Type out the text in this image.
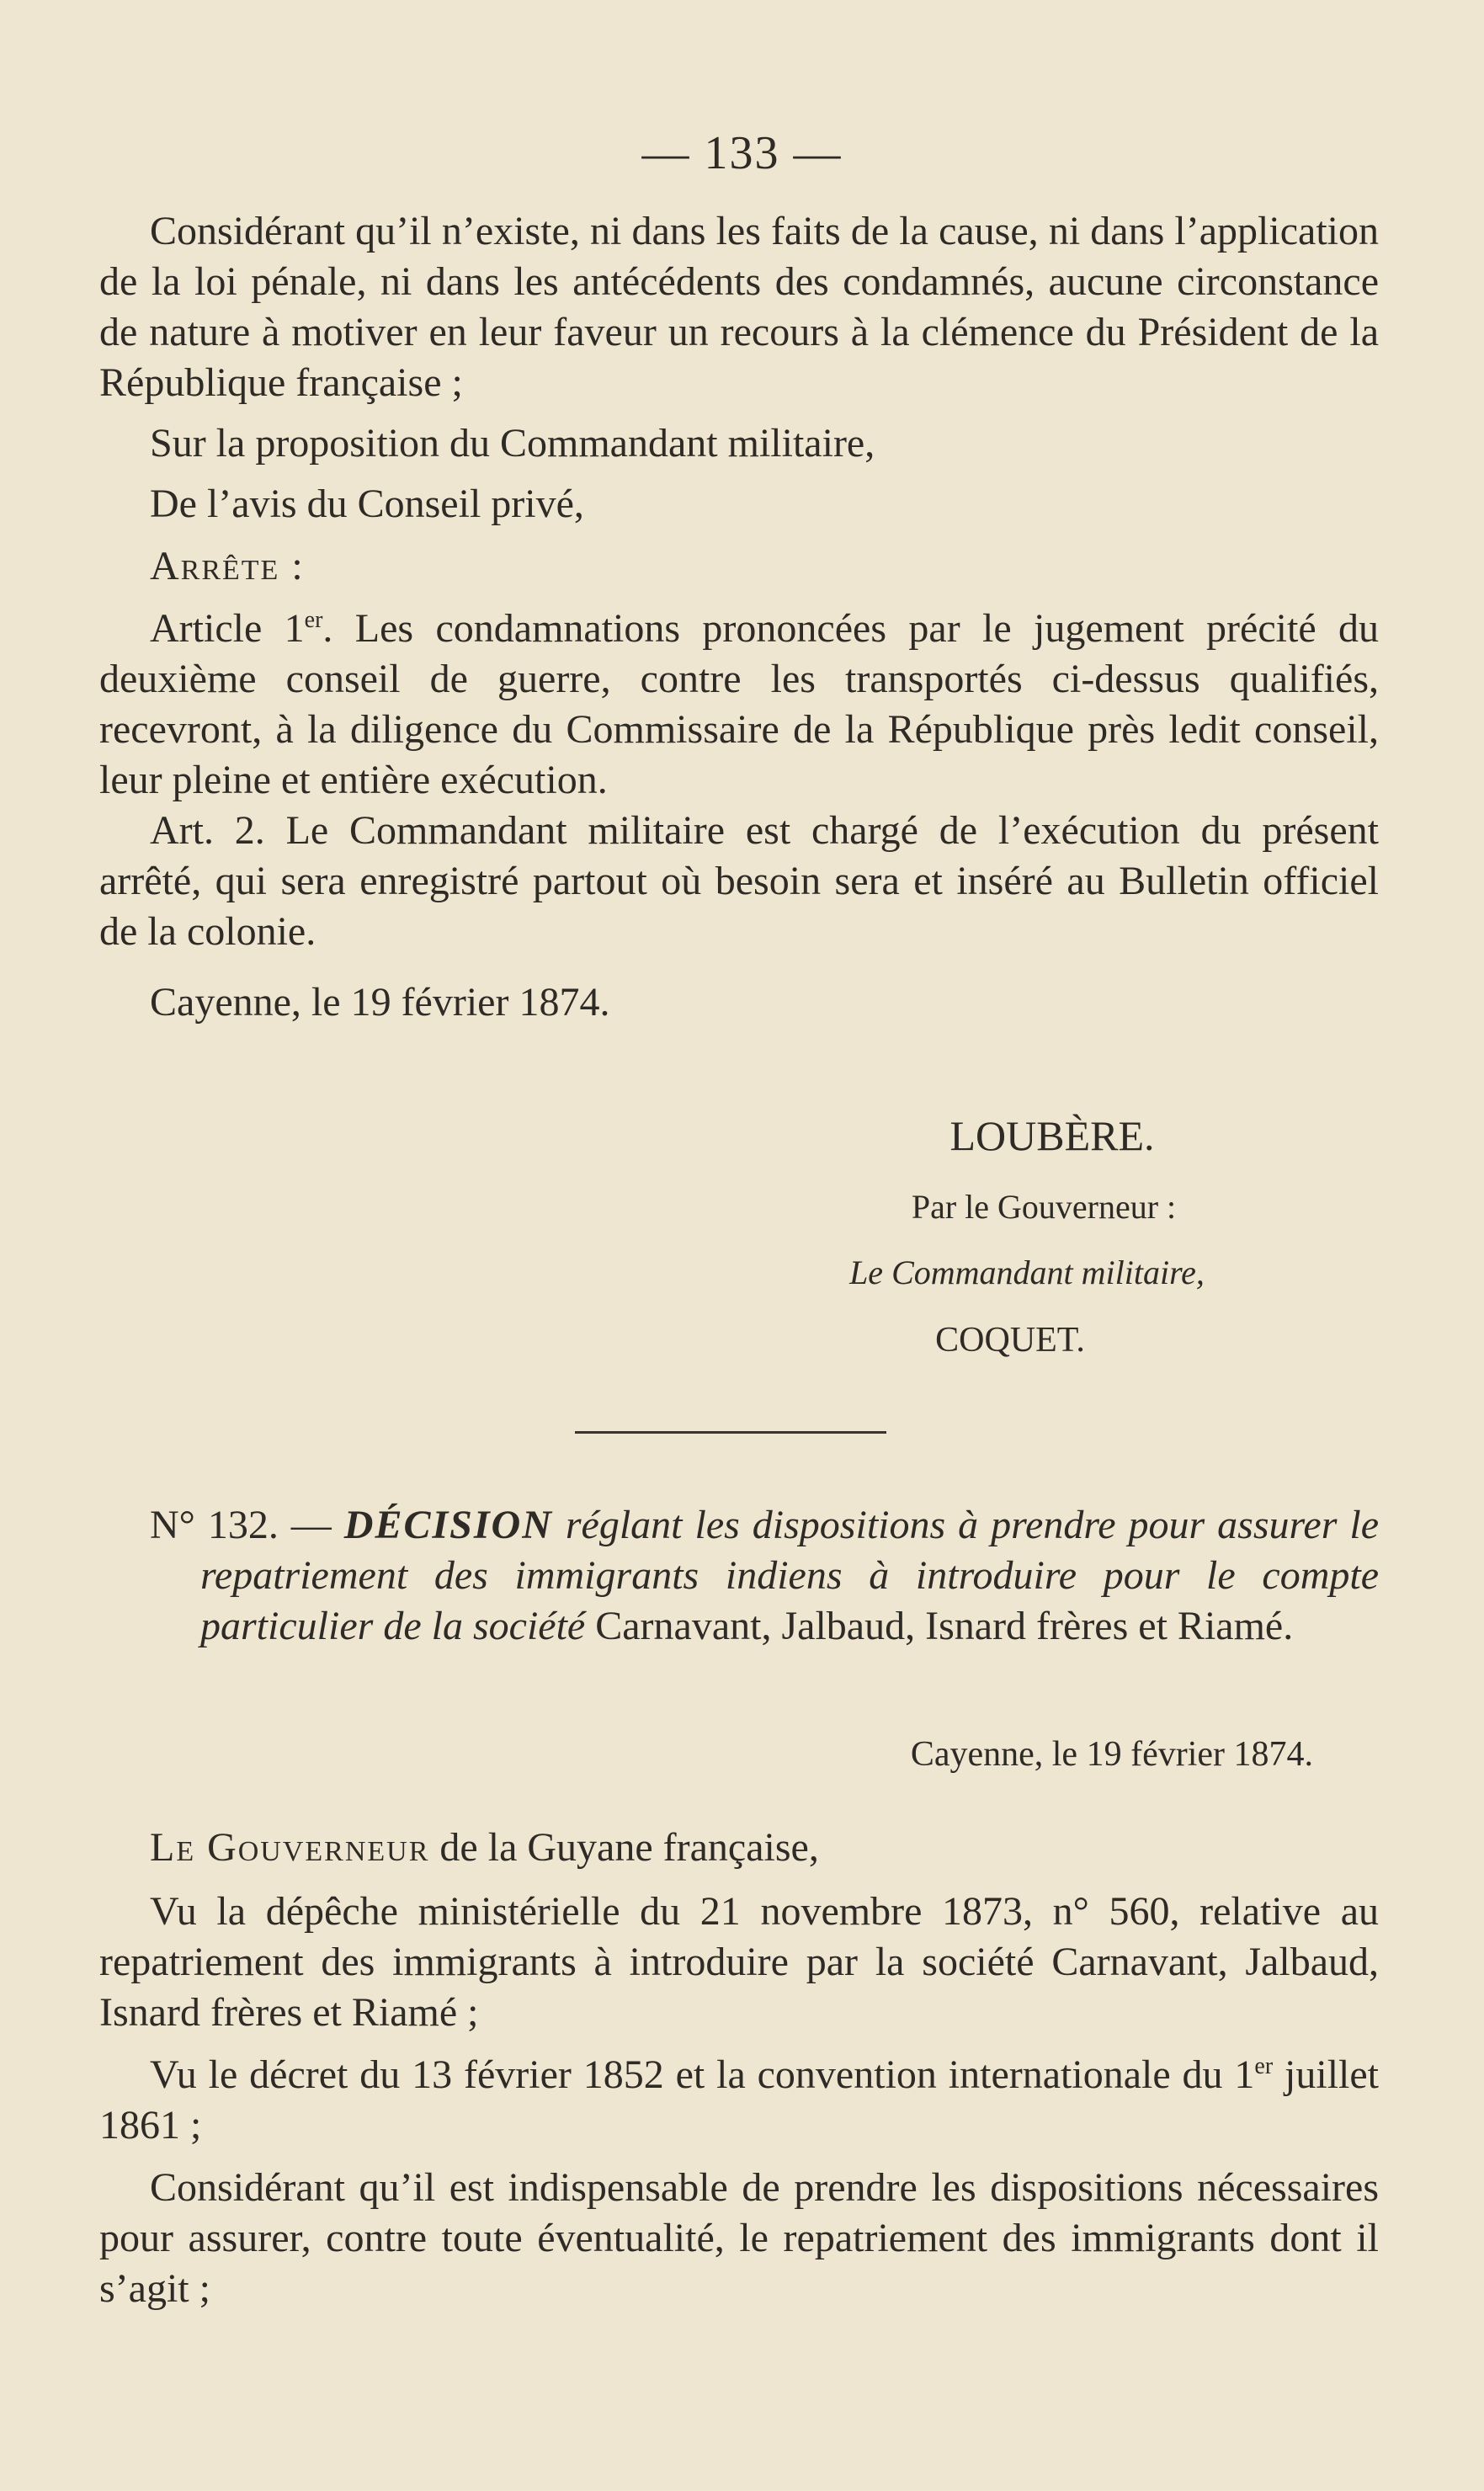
— 133 —

Considérant qu’il n’existe, ni dans les faits de la cause, ni dans l’application de la loi pénale, ni dans les antécédents des condamnés, aucune circonstance de nature à motiver en leur faveur un recours à la clémence du Président de la République française ;

Sur la proposition du Commandant militaire,

De l’avis du Conseil privé,

Arrête :

Article 1er. Les condamnations prononcées par le jugement précité du deuxième conseil de guerre, contre les transportés ci-dessus qualifiés, recevront, à la diligence du Commissaire de la République près ledit conseil, leur pleine et entière exécution.

Art. 2. Le Commandant militaire est chargé de l’exécution du présent arrêté, qui sera enregistré partout où besoin sera et inséré au Bulletin officiel de la colonie.

Cayenne, le 19 février 1874.

LOUBÈRE.
Par le Gouverneur :
Le Commandant militaire,
COQUET.

N° 132. — DÉCISION réglant les dispositions à prendre pour assurer le repatriement des immigrants indiens à introduire pour le compte particulier de la société Carnavant, Jalbaud, Isnard frères et Riamé.

Cayenne, le 19 février 1874.

Le Gouverneur de la Guyane française,

Vu la dépêche ministérielle du 21 novembre 1873, n° 560, relative au repatriement des immigrants à introduire par la société Carnavant, Jalbaud, Isnard frères et Riamé ;

Vu le décret du 13 février 1852 et la convention internationale du 1er juillet 1861 ;

Considérant qu’il est indispensable de prendre les dispositions nécessaires pour assurer, contre toute éventualité, le repatriement des immigrants dont il s’agit ;
